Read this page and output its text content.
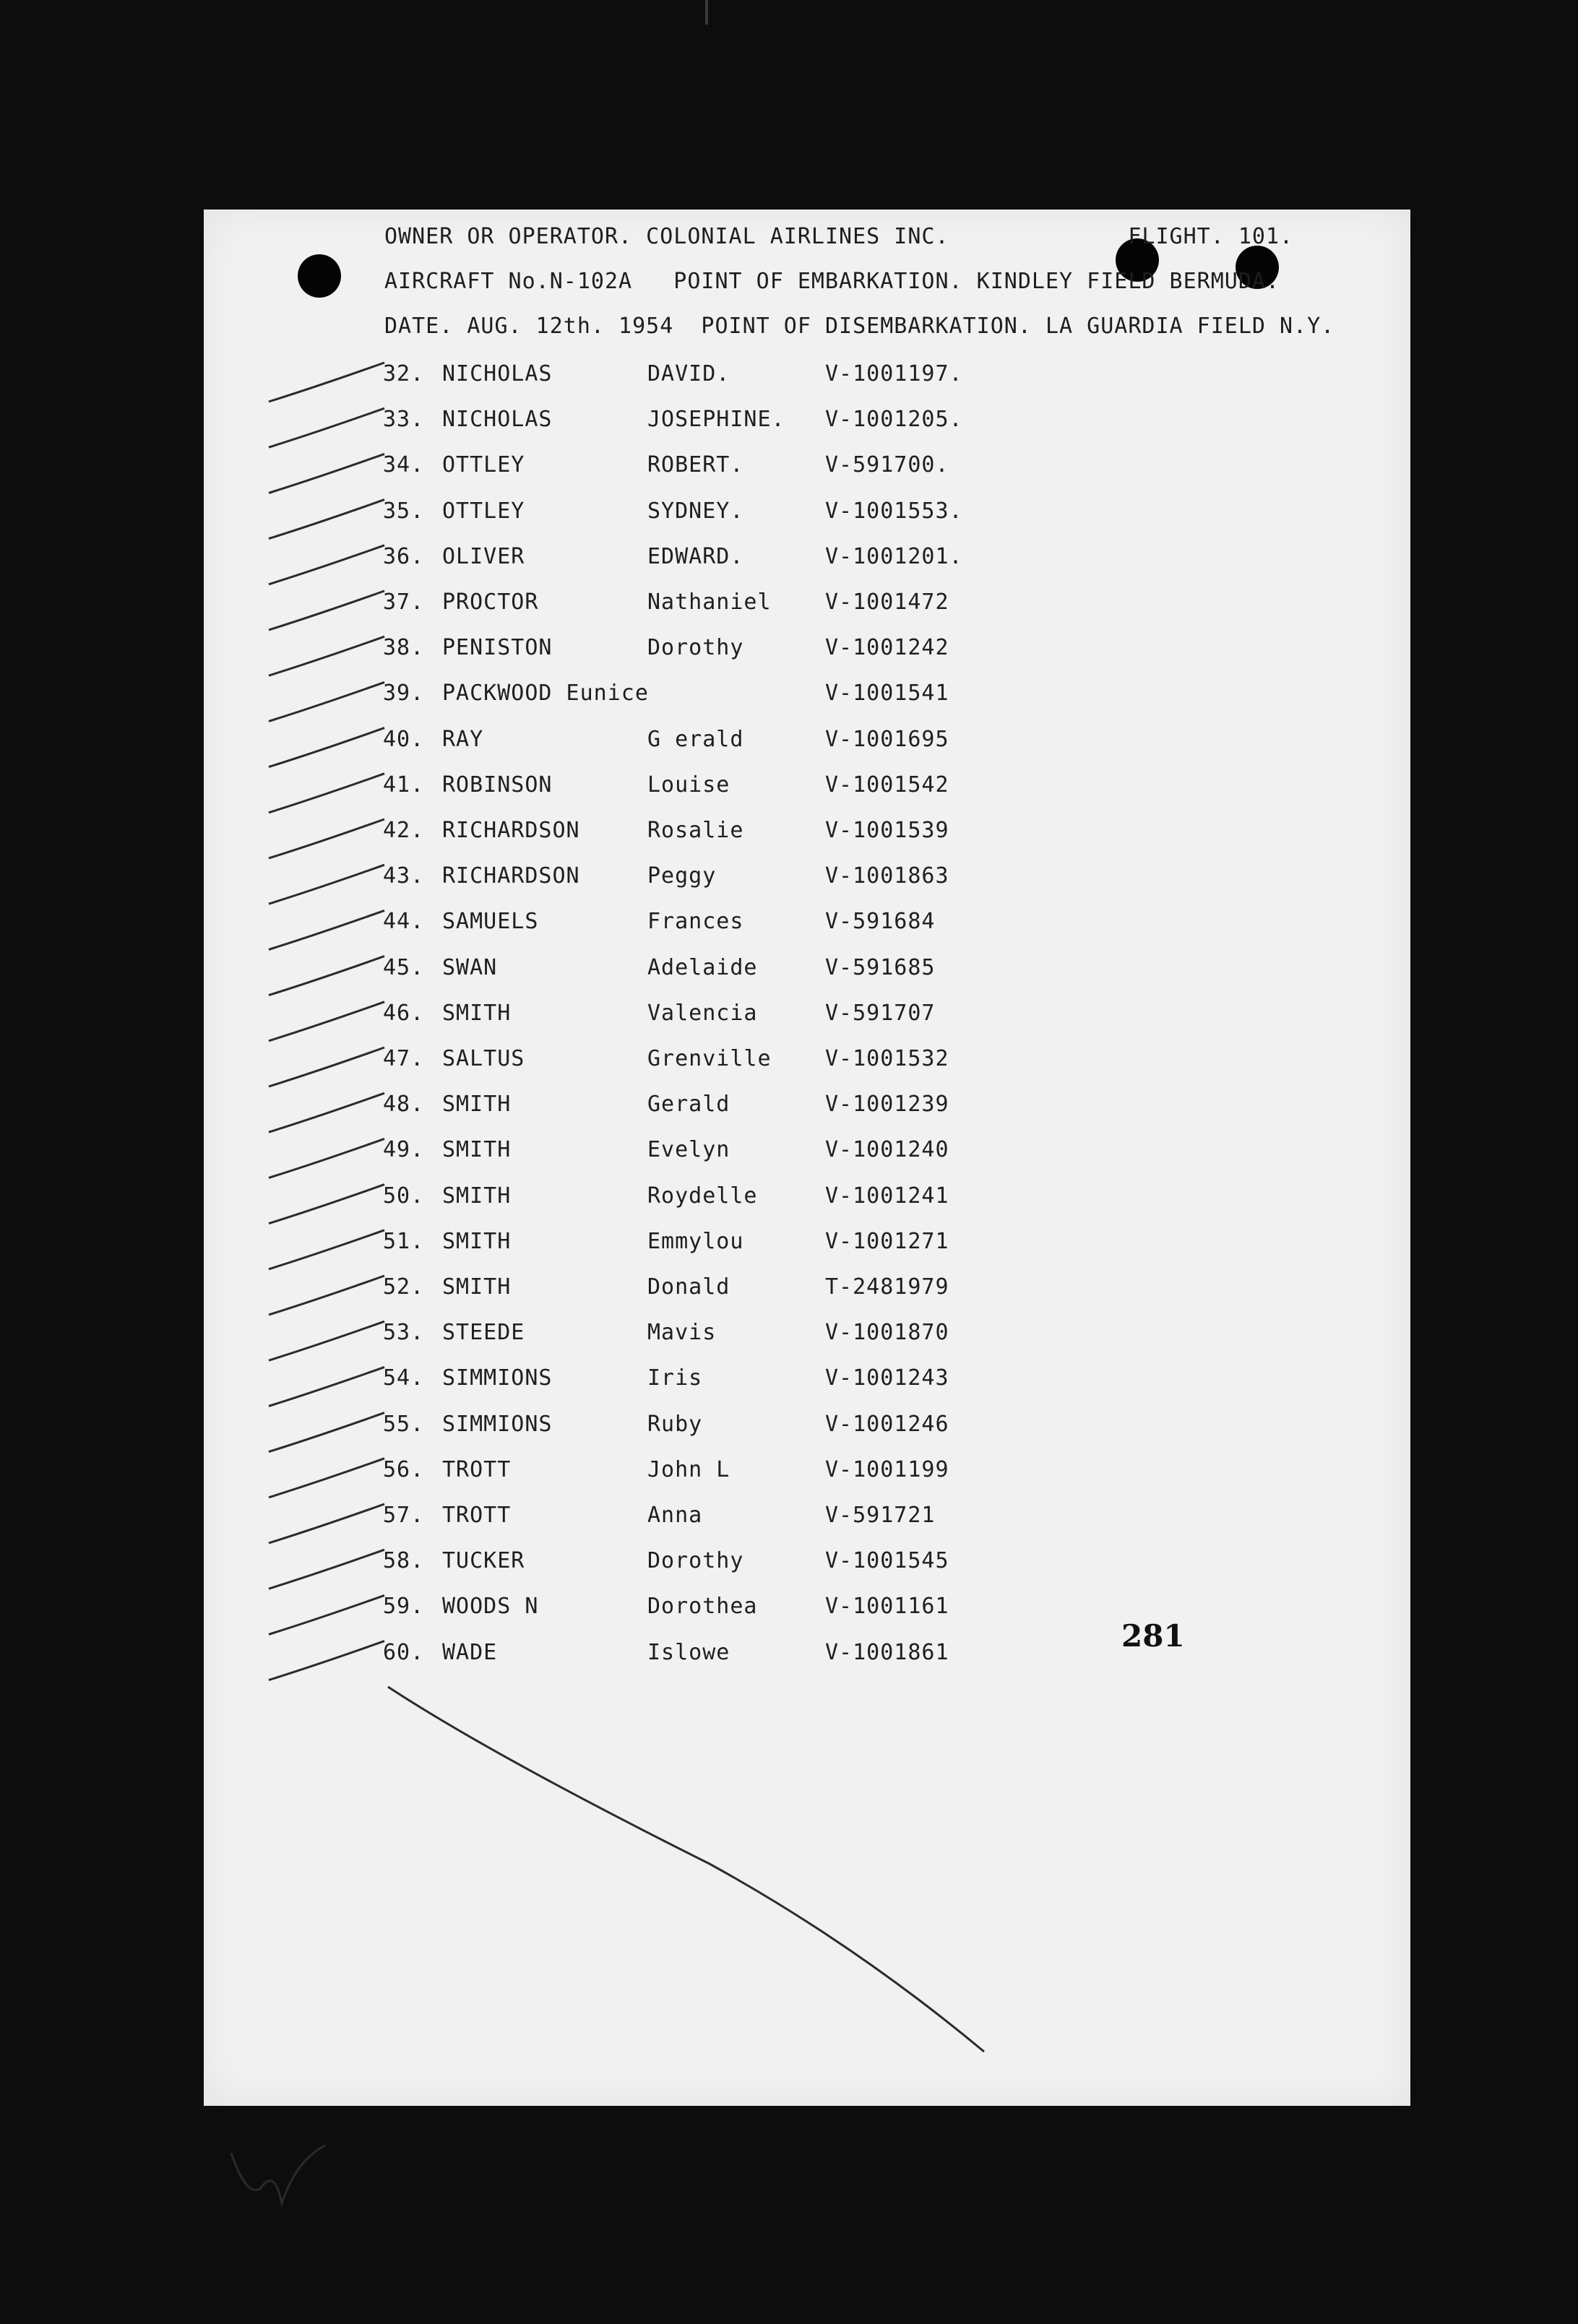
OWNER OR OPERATOR. COLONIAL AIRLINES INC.             FLIGHT. 101.
AIRCRAFT No.N-102A   POINT OF EMBARKATION. KINDLEY FIELD BERMUDA.
DATE. AUG. 12th. 1954  POINT OF DISEMBARKATION. LA GUARDIA FIELD N.Y.
32. NICHOLAS	DAVID.	V-1001197.
33. NICHOLAS	JOSEPHINE. V-1001205.
34. OTTLEY	ROBERT.	V-591700.
35. OTTLEY	SYDNEY.	V-1001553.
36. OLIVER	EDWARD.	V-1001201.
37. PROCTOR	Nathaniel V-1001472
38. PENISTON	Dorothy	V-1001242
39. PACKWOOD Eunice	V-1001541
40. RAY	G erald	V-1001695
41. ROBINSON	Louise	V-1001542
42. RICHARDSON	Rosalie	V-1001539
43. RICHARDSON	Peggy	V-1001863
44. SAMUELS	Frances	V-591684
45. SWAN	Adelaide	V-591685
46. SMITH	Valencia	V-591707
47. SALTUS	Grenville V-1001532
48. SMITH	Gerald	V-1001239
49. SMITH	Evelyn	V-1001240
50. SMITH	Roydelle	V-1001241
51. SMITH	Emmylou	V-1001271
52. SMITH	Donald	T-2481979
53. STEEDE	Mavis	V-1001870
54. SIMMIONS	Iris	V-1001243
55. SIMMIONS	Ruby	V-1001246
56. TROTT	John L	V-1001199
57. TROTT	Anna	V-591721
58. TUCKER	Dorothy	V-1001545
59. WOODS N	Dorothea	V-1001161
60. WADE	Islowe	V-1001861	281
